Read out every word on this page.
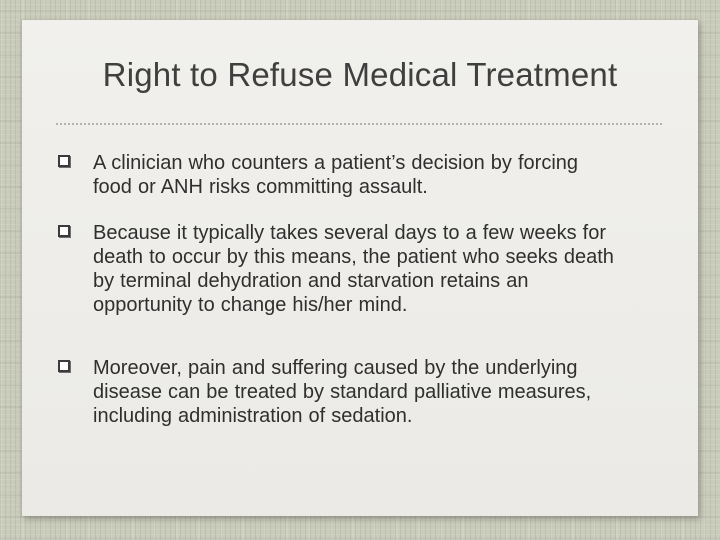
Right to Refuse Medical Treatment
A clinician who counters a patient’s decision by forcing food or ANH risks committing assault.
Because it typically takes several days to a few weeks for death to occur by this means, the patient who seeks death by terminal dehydration and starvation retains an opportunity to change his/her mind.
Moreover, pain and suffering caused by the underlying disease can be treated by standard palliative measures, including administration of sedation.
